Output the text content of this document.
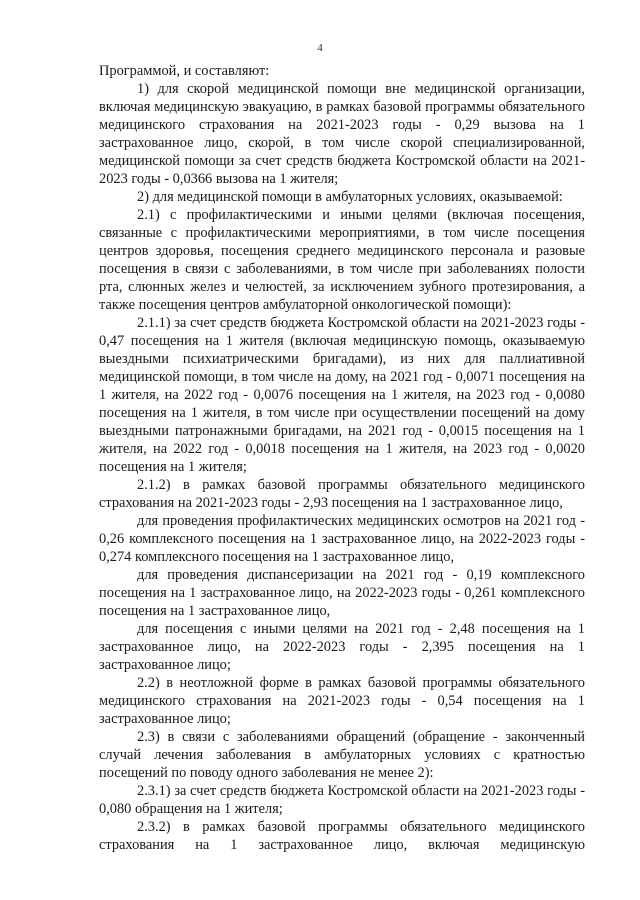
4

Программой, и составляют:

1) для скорой медицинской помощи вне медицинской организации, включая медицинскую эвакуацию, в рамках базовой программы обязательного медицинского страхования на 2021-2023 годы - 0,29 вызова на 1 застрахованное лицо, скорой, в том числе скорой специализированной, медицинской помощи за счет средств бюджета Костромской области на 2021-2023 годы - 0,0366 вызова на 1 жителя;

2) для медицинской помощи в амбулаторных условиях, оказываемой:

2.1) с профилактическими и иными целями (включая посещения, связанные с профилактическими мероприятиями, в том числе посещения центров здоровья, посещения среднего медицинского персонала и разовые посещения в связи с заболеваниями, в том числе при заболеваниях полости рта, слюнных желез и челюстей, за исключением зубного протезирования, а также посещения центров амбулаторной онкологической помощи):

2.1.1) за счет средств бюджета Костромской области на 2021-2023 годы - 0,47 посещения на 1 жителя (включая медицинскую помощь, оказываемую выездными психиатрическими бригадами), из них для паллиативной медицинской помощи, в том числе на дому, на 2021 год - 0,0071 посещения на 1 жителя, на 2022 год - 0,0076 посещения на 1 жителя, на 2023 год - 0,0080 посещения на 1 жителя, в том числе при осуществлении посещений на дому выездными патронажными бригадами, на 2021 год - 0,0015 посещения на 1 жителя, на 2022 год - 0,0018 посещения на 1 жителя, на 2023 год - 0,0020 посещения на 1 жителя;

2.1.2) в рамках базовой программы обязательного медицинского страхования на 2021-2023 годы - 2,93 посещения на 1 застрахованное лицо,

для проведения профилактических медицинских осмотров на 2021 год - 0,26 комплексного посещения на 1 застрахованное лицо, на 2022-2023 годы - 0,274 комплексного посещения на 1 застрахованное лицо,

для проведения диспансеризации на 2021 год - 0,19 комплексного посещения на 1 застрахованное лицо, на 2022-2023 годы - 0,261 комплексного посещения на 1 застрахованное лицо,

для посещения с иными целями на 2021 год - 2,48 посещения на 1 застрахованное лицо, на 2022-2023 годы - 2,395 посещения на 1 застрахованное лицо;

2.2) в неотложной форме в рамках базовой программы обязательного медицинского страхования на 2021-2023 годы - 0,54 посещения на 1 застрахованное лицо;

2.3) в связи с заболеваниями обращений (обращение - законченный случай лечения заболевания в амбулаторных условиях с кратностью посещений по поводу одного заболевания не менее 2):

2.3.1) за счет средств бюджета Костромской области на 2021-2023 годы - 0,080 обращения на 1 жителя;

2.3.2) в рамках базовой программы обязательного медицинского страхования на 1 застрахованное лицо, включая медицинскую
